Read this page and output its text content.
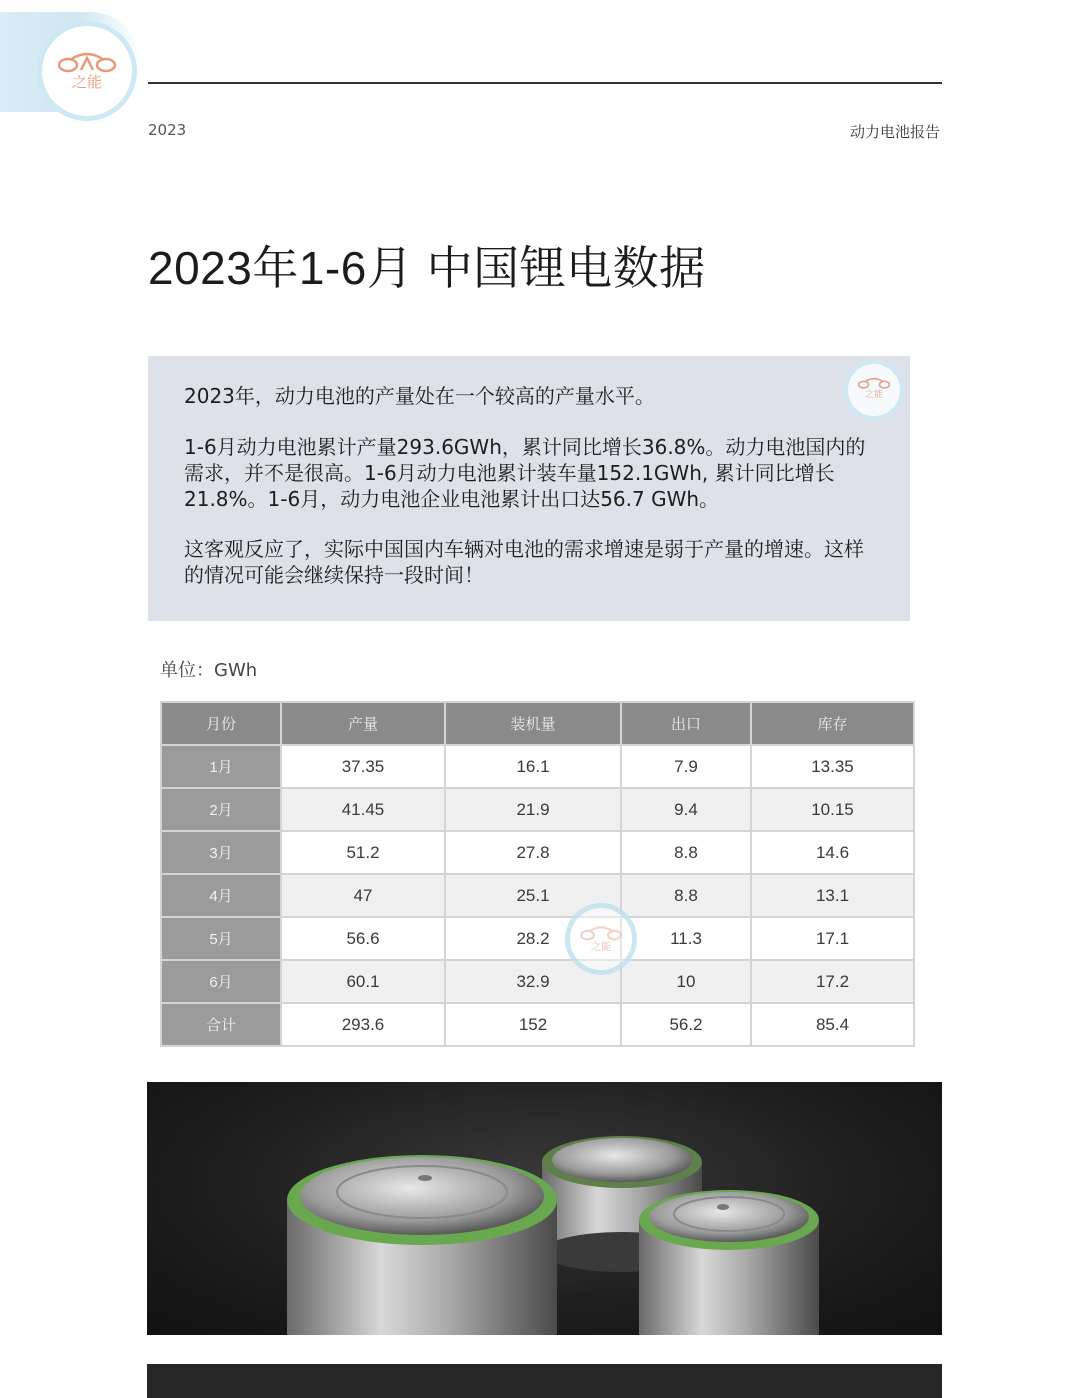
之能
2023	动力电池报告
2023年1-6月 中国锂电数据

2023年，动力电池的产量处在一个较高的产量水平。

1-6月动力电池累计产量293.6GWh，累计同比增长36.8%。动力电池国内的需求，并不是很高。1-6月动力电池累计装车量152.1GWh, 累计同比增长21.8%。1-6月，动力电池企业电池累计出口达56.7 GWh。

这客观反应了，实际中国国内车辆对电池的需求增速是弱于产量的增速。这样的情况可能会继续保持一段时间！

之能
单位：GWh
月份	产量	装机量	出口	库存
1月	37.35	16.1	7.9	13.35
2月	41.45	21.9	9.4	10.15
3月	51.2	27.8	8.8	14.6
4月	47	25.1	8.8	13.1
5月	56.6	28.2	11.3	17.1
6月	60.1	32.9	10	17.2
合计	293.6	152	56.2	85.4
之能
